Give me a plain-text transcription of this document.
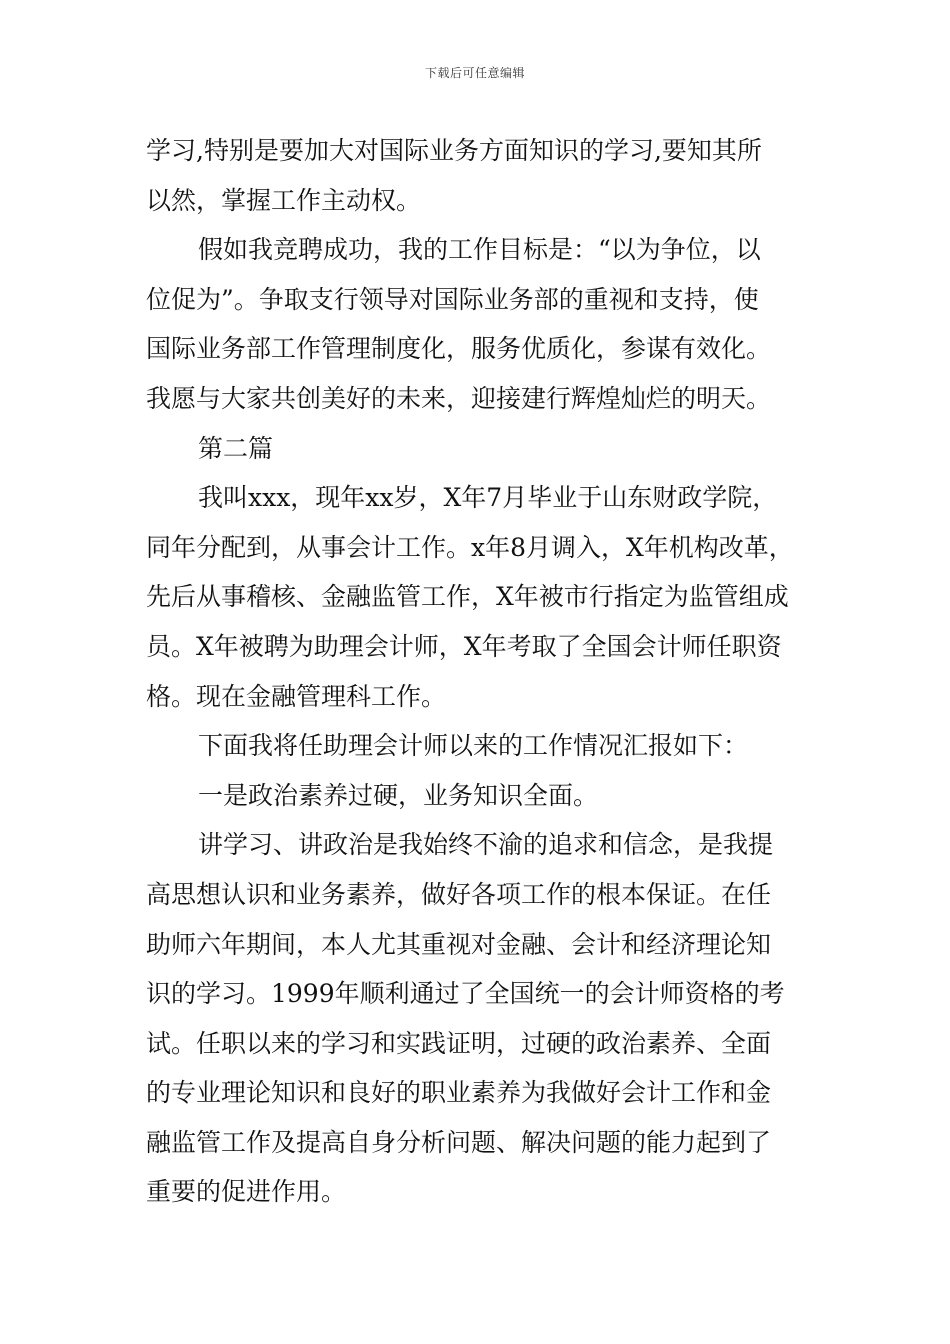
下载后可任意编辑

学习,特别是要加大对国际业务方面知识的学习,要知其所
以然，掌握工作主动权。

假如我竞聘成功，我的工作目标是：“以为争位，以
位促为”。争取支行领导对国际业务部的重视和支持，使
国际业务部工作管理制度化，服务优质化，参谋有效化。
我愿与大家共创美好的未来，迎接建行辉煌灿烂的明天。

第二篇

我叫xxx，现年xx岁，X年7月毕业于山东财政学院，
同年分配到，从事会计工作。x年8月调入，X年机构改革，
先后从事稽核、金融监管工作，X年被市行指定为监管组成
员。X年被聘为助理会计师，X年考取了全国会计师任职资
格。现在金融管理科工作。

下面我将任助理会计师以来的工作情况汇报如下：

一是政治素养过硬，业务知识全面。

讲学习、讲政治是我始终不渝的追求和信念，是我提
高思想认识和业务素养，做好各项工作的根本保证。在任
助师六年期间，本人尤其重视对金融、会计和经济理论知
识的学习。1999年顺利通过了全国统一的会计师资格的考
试。任职以来的学习和实践证明，过硬的政治素养、全面
的专业理论知识和良好的职业素养为我做好会计工作和金
融监管工作及提高自身分析问题、解决问题的能力起到了
重要的促进作用。
